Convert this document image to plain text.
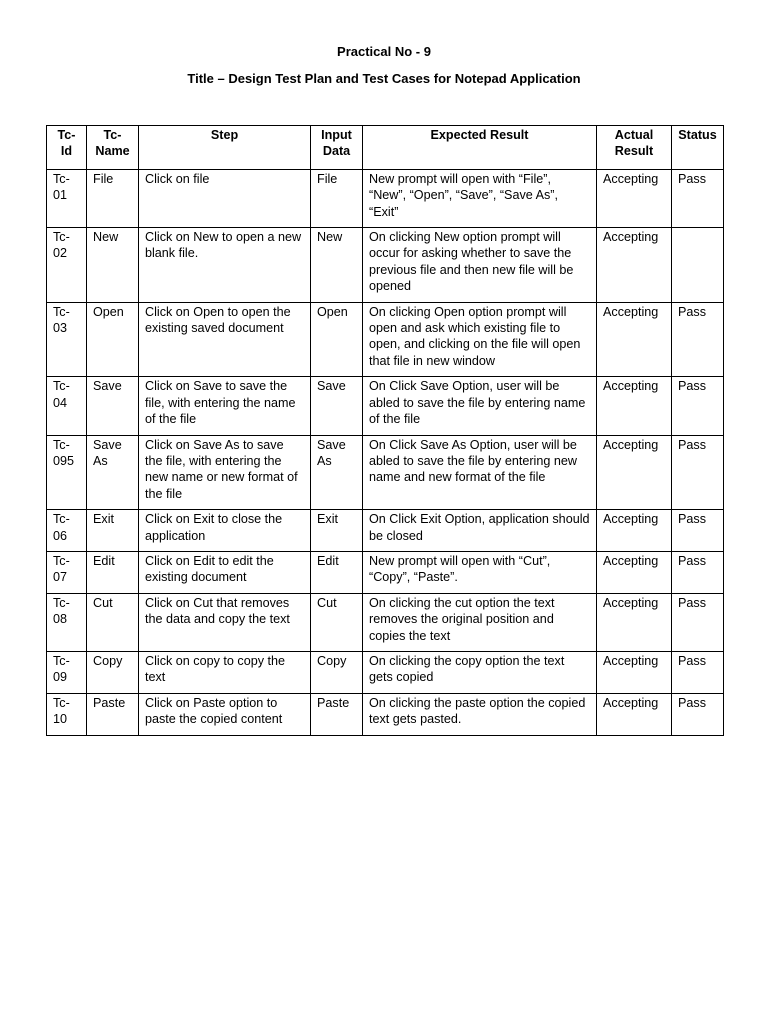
Practical No - 9
Title – Design Test Plan and Test Cases for Notepad Application
Tc-Id	Tc-Name	Step	Input Data	Expected Result	Actual Result	Status
Tc-01	File	Click on file	File	New prompt will open with “File”, “New”, “Open”, “Save”, “Save As”, “Exit”	Accepting	Pass
Tc-02	New	Click on New to open a new blank file.	New	On clicking New option prompt will occur for asking whether to save the previous file and then new file will be opened	Accepting	
Tc-03	Open	Click on Open to open the existing saved document	Open	On clicking Open option prompt will open and ask which existing file to open, and clicking on the file will open that file in new window	Accepting	Pass
Tc-04	Save	Click on Save to save the file, with entering the name of the file	Save	On Click Save Option, user will be abled to save the file by entering name of the file	Accepting	Pass
Tc-095	Save As	Click on Save As to save the file, with entering the new name or new format of the file	Save As	On Click Save As Option, user will be abled to save the file by entering new name and new format of the file	Accepting	Pass
Tc-06	Exit	Click on Exit to close the application	Exit	On Click Exit Option, application should be closed	Accepting	Pass
Tc-07	Edit	Click on Edit to edit the existing document	Edit	New prompt will open with “Cut”, “Copy”, “Paste”.	Accepting	Pass
Tc-08	Cut	Click on Cut that removes the data and copy the text	Cut	On clicking the cut option the text removes the original position and copies the text	Accepting	Pass
Tc-09	Copy	Click on copy to copy the text	Copy	On clicking the copy option the text gets copied	Accepting	Pass
Tc-10	Paste	Click on Paste option to paste the copied content	Paste	On clicking the paste option the copied text gets pasted.	Accepting	Pass
